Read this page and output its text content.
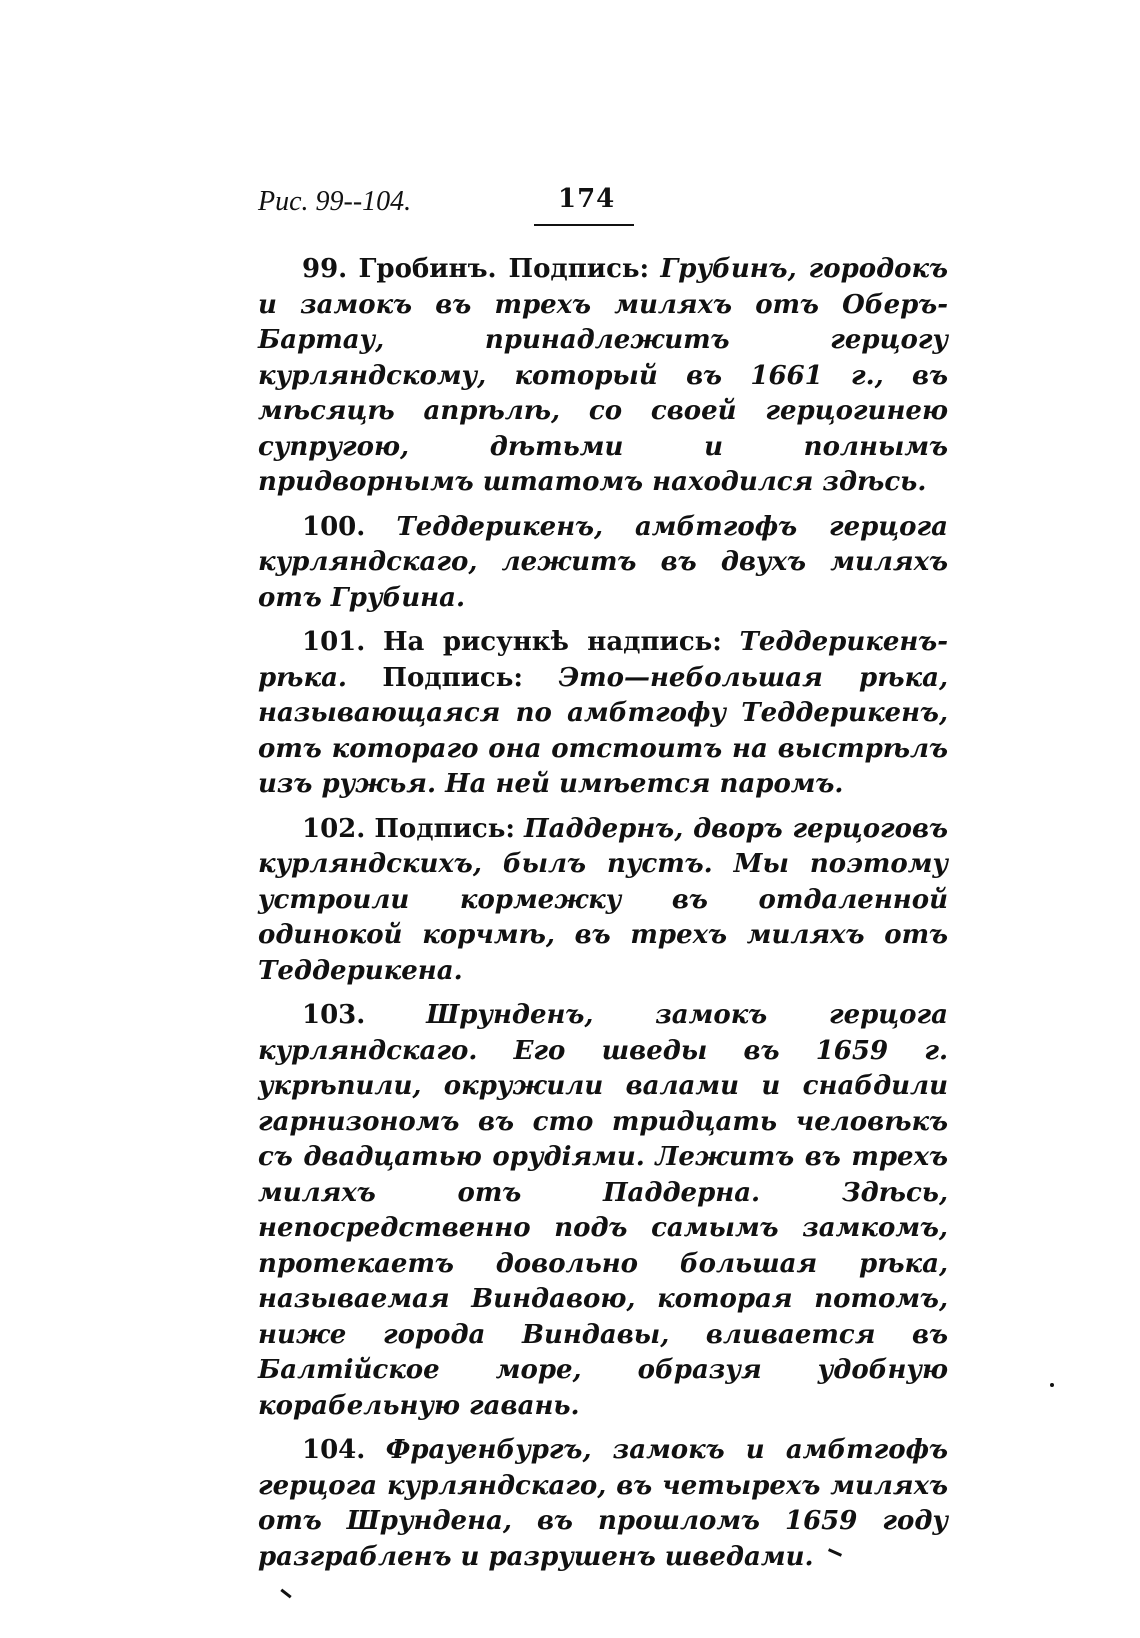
Рис. 99--104.	174

99. Гробинъ. Подпись: Грубинъ, городокъ и замокъ въ трехъ миляхъ отъ Оберъ-Бартау, принадлежитъ герцогу курляндскому, который въ 1661 г., въ мѣсяцѣ апрѣлѣ, со своей герцогинею супругою, дѣтьми и полнымъ придворнымъ штатомъ находился здѣсь.

100. Теддерикенъ, амбтгофъ герцога курляндскаго, лежитъ въ двухъ миляхъ отъ Грубина.

101. На рисункѣ надпись: Теддерикенъ-рѣка. Подпись: Это—небольшая рѣка, называющаяся по амбтгофу Теддерикенъ, отъ котораго она отстоитъ на выстрѣлъ изъ ружья. На ней имѣется паромъ.

102. Подпись: Паддернъ, дворъ герцоговъ курляндскихъ, былъ пустъ. Мы поэтому устроили кормежку въ отдаленной одинокой корчмѣ, въ трехъ миляхъ отъ Теддерикена.

103. Шрунденъ, замокъ герцога курляндскаго. Его шведы въ 1659 г. укрѣпили, окружили валами и снабдили гарнизономъ въ сто тридцать человѣкъ съ двадцатью орудіями. Лежитъ въ трехъ миляхъ отъ Паддерна. Здѣсь, непосредственно подъ самымъ замкомъ, протекаетъ довольно большая рѣка, называемая Виндавою, которая потомъ, ниже города Виндавы, вливается въ Балтійское море, образуя удобную корабельную гавань.

104. Фрауенбургъ, замокъ и амбтгофъ герцога курляндскаго, въ четырехъ миляхъ отъ Шрундена, въ прошломъ 1659 году разграбленъ и разрушенъ шведами.
